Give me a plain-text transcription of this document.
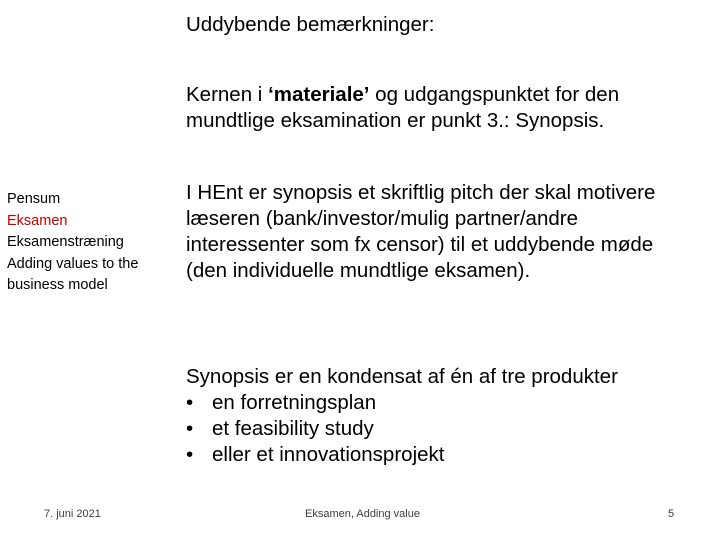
Pensum
Eksamen
Eksamenstræning
Adding values to the business model
Uddybende bemærkninger:
Kernen i ‘materiale’ og udgangspunktet for den mundtlige eksamination er punkt 3.: Synopsis.
I HEnt er synopsis et skriftlig pitch der skal motivere læseren (bank/investor/mulig partner/andre interessenter som fx censor) til et uddybende møde (den individuelle mundtlige eksamen).
Synopsis er en kondensat af én af tre produkter
• en forretningsplan
• et feasibility study
• eller et innovationsprojekt
7. juni 2021	Eksamen, Adding value	5
